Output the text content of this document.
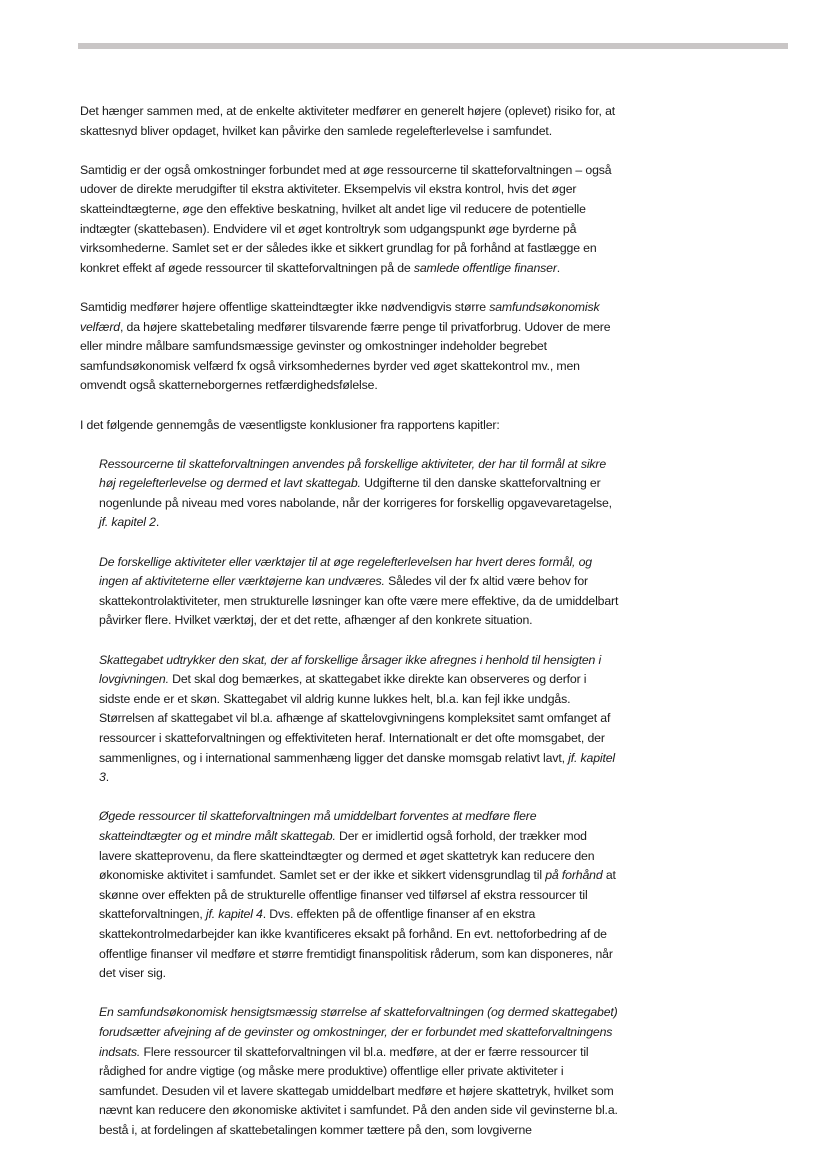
Det hænger sammen med, at de enkelte aktiviteter medfører en generelt højere (oplevet) risiko for, at skattesnyd bliver opdaget, hvilket kan påvirke den samlede regelefterlevelse i samfundet.

Samtidig er der også omkostninger forbundet med at øge ressourcerne til skatteforvaltningen – også udover de direkte merudgifter til ekstra aktiviteter. Eksempelvis vil ekstra kontrol, hvis det øger skatteindtægterne, øge den effektive beskatning, hvilket alt andet lige vil reducere de potentielle indtægter (skattebasen). Endvidere vil et øget kontroltryk som udgangspunkt øge byrderne på virksomhederne. Samlet set er der således ikke et sikkert grundlag for på forhånd at fastlægge en konkret effekt af øgede ressourcer til skatteforvaltningen på de samlede offentlige finanser.

Samtidig medfører højere offentlige skatteindtægter ikke nødvendigvis større samfundsøkonomisk velfærd, da højere skattebetaling medfører tilsvarende færre penge til privatforbrug. Udover de mere eller mindre målbare samfundsmæssige gevinster og omkostninger indeholder begrebet samfundsøkonomisk velfærd fx også virksomhedernes byrder ved øget skattekontrol mv., men omvendt også skatterneborgernes retfærdighedsfølelse.

I det følgende gennemgås de væsentligste konklusioner fra rapportens kapitler:

Ressourcerne til skatteforvaltningen anvendes på forskellige aktiviteter, der har til formål at sikre høj regelefterlevelse og dermed et lavt skattegab. Udgifterne til den danske skatteforvaltning er nogenlunde på niveau med vores nabolande, når der korrigeres for forskellig opgavevaretagelse, jf. kapitel 2.

De forskellige aktiviteter eller værktøjer til at øge regelefterlevelsen har hvert deres formål, og ingen af aktiviteterne eller værktøjerne kan undværes. Således vil der fx altid være behov for skattekontrolaktiviteter, men strukturelle løsninger kan ofte være mere effektive, da de umiddelbart påvirker flere. Hvilket værktøj, der et det rette, afhænger af den konkrete situation.

Skattegabet udtrykker den skat, der af forskellige årsager ikke afregnes i henhold til hensigten i lovgivningen. Det skal dog bemærkes, at skattegabet ikke direkte kan observeres og derfor i sidste ende er et skøn. Skattegabet vil aldrig kunne lukkes helt, bl.a. kan fejl ikke undgås. Størrelsen af skattegabet vil bl.a. afhænge af skattelovgivningens kompleksitet samt omfanget af ressourcer i skatteforvaltningen og effektiviteten heraf. Internationalt er det ofte momsgabet, der sammenlignes, og i international sammenhæng ligger det danske momsgab relativt lavt, jf. kapitel 3.

Øgede ressourcer til skatteforvaltningen må umiddelbart forventes at medføre flere skatteindtægter og et mindre målt skattegab. Der er imidlertid også forhold, der trækker mod lavere skatteprovenu, da flere skatteindtægter og dermed et øget skattetryk kan reducere den økonomiske aktivitet i samfundet. Samlet set er der ikke et sikkert vidensgrundlag til på forhånd at skønne over effekten på de strukturelle offentlige finanser ved tilførsel af ekstra ressourcer til skatteforvaltningen, jf. kapitel 4. Dvs. effekten på de offentlige finanser af en ekstra skattekontrolmedarbejder kan ikke kvantificeres eksakt på forhånd. En evt. nettoforbedring af de offentlige finanser vil medføre et større fremtidigt finanspolitisk råderum, som kan disponeres, når det viser sig.

En samfundsøkonomisk hensigtsmæssig størrelse af skatteforvaltningen (og dermed skattegabet) forudsætter afvejning af de gevinster og omkostninger, der er forbundet med skatteforvaltningens indsats. Flere ressourcer til skatteforvaltningen vil bl.a. medføre, at der er færre ressourcer til rådighed for andre vigtige (og måske mere produktive) offentlige eller private aktiviteter i samfundet. Desuden vil et lavere skattegab umiddelbart medføre et højere skattetryk, hvilket som nævnt kan reducere den økonomiske aktivitet i samfundet. På den anden side vil gevinsterne bl.a. bestå i, at fordelingen af skattebetalingen kommer tættere på den, som lovgiverne
